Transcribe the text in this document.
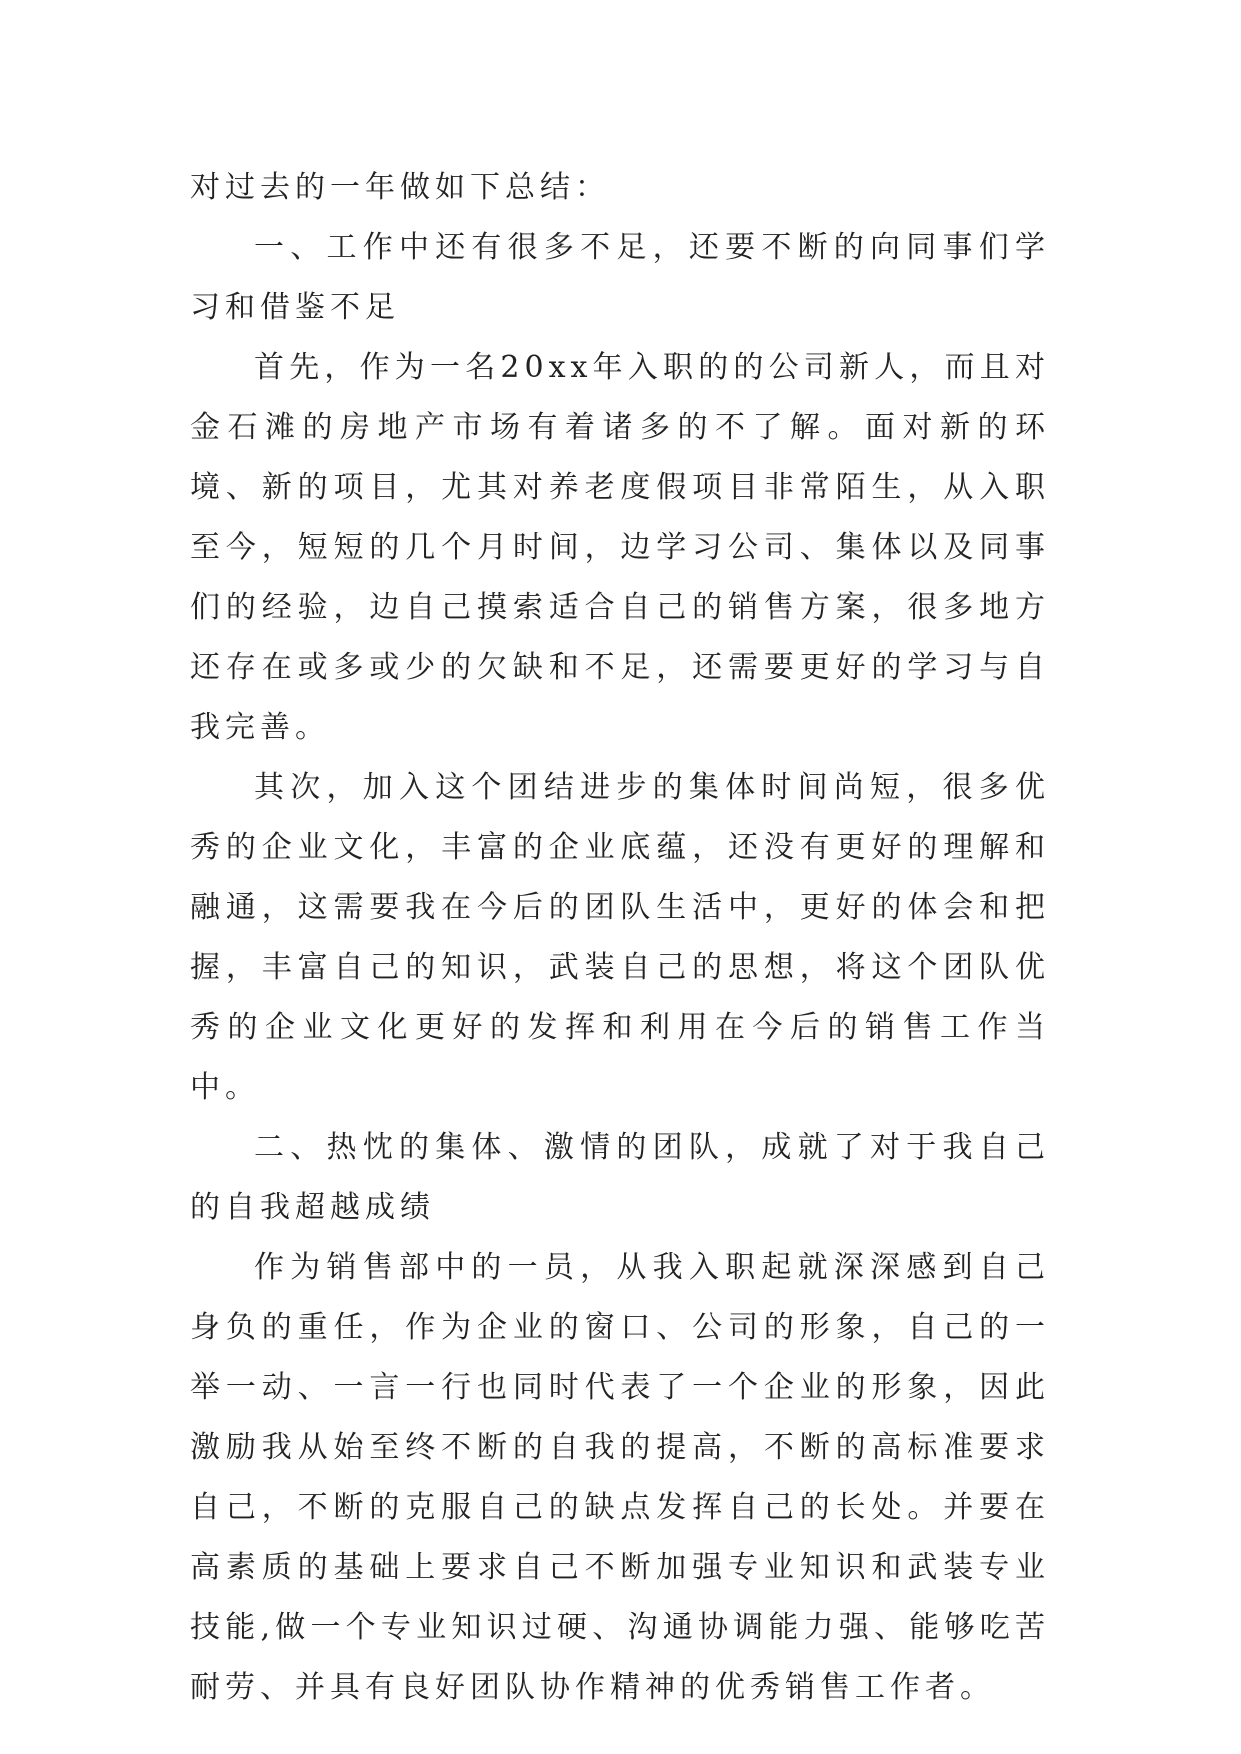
对过去的一年做如下总结：

一、工作中还有很多不足，还要不断的向同事们学习和借鉴不足

首先，作为一名20xx年入职的的公司新人，而且对金石滩的房地产市场有着诸多的不了解。面对新的环境、新的项目，尤其对养老度假项目非常陌生，从入职至今，短短的几个月时间，边学习公司、集体以及同事们的经验，边自己摸索适合自己的销售方案，很多地方还存在或多或少的欠缺和不足，还需要更好的学习与自我完善。

其次，加入这个团结进步的集体时间尚短，很多优秀的企业文化，丰富的企业底蕴，还没有更好的理解和融通，这需要我在今后的团队生活中，更好的体会和把握，丰富自己的知识，武装自己的思想，将这个团队优秀的企业文化更好的发挥和利用在今后的销售工作当中。

二、热忱的集体、激情的团队，成就了对于我自己的自我超越成绩

作为销售部中的一员，从我入职起就深深感到自己身负的重任，作为企业的窗口、公司的形象，自己的一举一动、一言一行也同时代表了一个企业的形象，因此激励我从始至终不断的自我的提高，不断的高标准要求自己，不断的克服自己的缺点发挥自己的长处。并要在高素质的基础上要求自己不断加强专业知识和武装专业技能,做一个专业知识过硬、沟通协调能力强、能够吃苦耐劳、并具有良好团队协作精神的优秀销售工作者。
